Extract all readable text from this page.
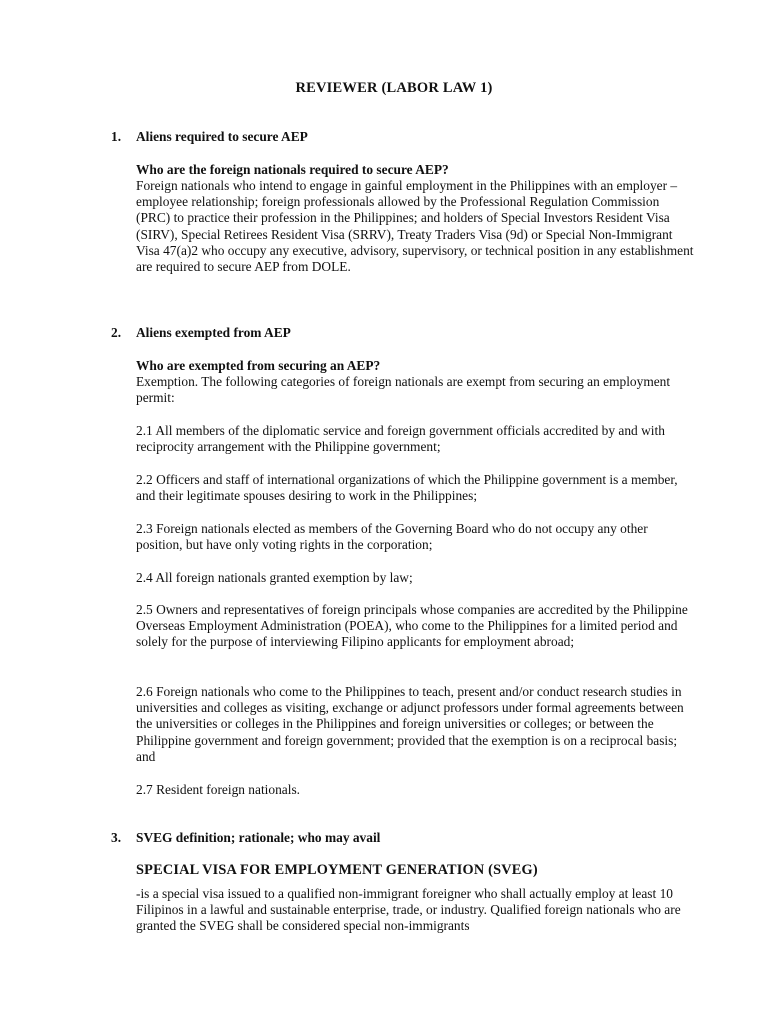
REVIEWER (LABOR LAW 1)
1. Aliens required to secure AEP
Who are the foreign nationals required to secure AEP?

Foreign nationals who intend to engage in gainful employment in the Philippines with an employer – employee relationship; foreign professionals allowed by the Professional Regulation Commission (PRC) to practice their profession in the Philippines; and holders of Special Investors Resident Visa (SIRV), Special Retirees Resident Visa (SRRV), Treaty Traders Visa (9d) or Special Non-Immigrant Visa 47(a)2 who occupy any executive, advisory, supervisory, or technical position in any establishment are required to secure AEP from DOLE.

2. Aliens exempted from AEP
Who are exempted from securing an AEP?

Exemption. The following categories of foreign nationals are exempt from securing an employment permit:

2.1 All members of the diplomatic service and foreign government officials accredited by and with reciprocity arrangement with the Philippine government;

2.2 Officers and staff of international organizations of which the Philippine government is a member, and their legitimate spouses desiring to work in the Philippines;

2.3 Foreign nationals elected as members of the Governing Board who do not occupy any other position, but have only voting rights in the corporation;

2.4 All foreign nationals granted exemption by law;

2.5 Owners and representatives of foreign principals whose companies are accredited by the Philippine Overseas Employment Administration (POEA), who come to the Philippines for a limited period and solely for the purpose of interviewing Filipino applicants for employment abroad;

2.6 Foreign nationals who come to the Philippines to teach, present and/or conduct research studies in universities and colleges as visiting, exchange or adjunct professors under formal agreements between the universities or colleges in the Philippines and foreign universities or colleges; or between the Philippine government and foreign government; provided that the exemption is on a reciprocal basis; and

2.7 Resident foreign nationals.

3. SVEG definition; rationale; who may avail
SPECIAL VISA FOR EMPLOYMENT GENERATION (SVEG)

-is a special visa issued to a qualified non-immigrant foreigner who shall actually employ at least 10 Filipinos in a lawful and sustainable enterprise, trade, or industry. Qualified foreign nationals who are granted the SVEG shall be considered special non-immigrants
